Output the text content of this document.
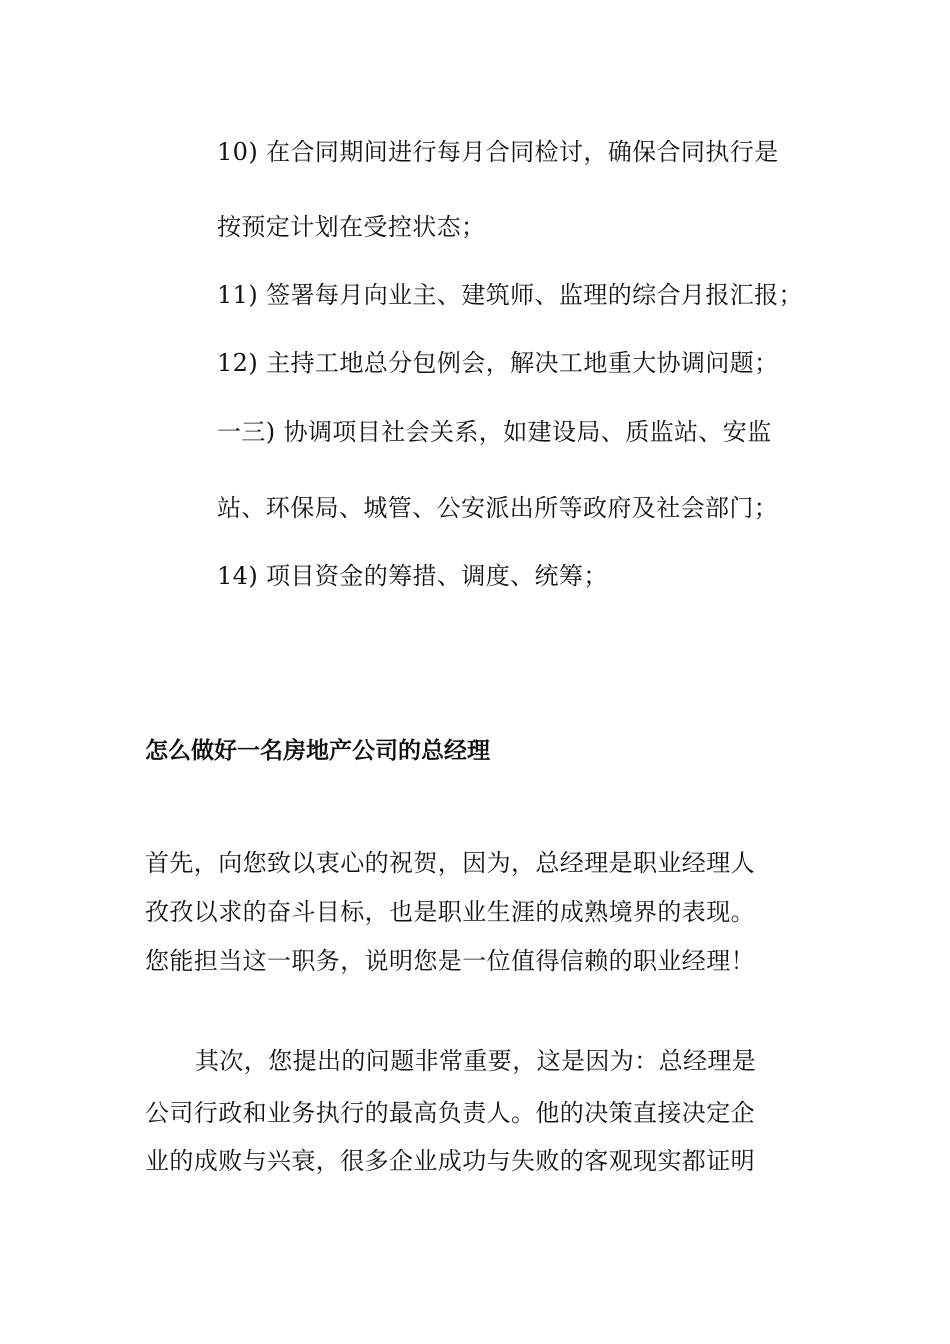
10) 在合同期间进行每月合同检讨，确保合同执行是
按预定计划在受控状态；
11) 签署每月向业主、建筑师、监理的综合月报汇报；
12) 主持工地总分包例会，解决工地重大协调问题；
一三) 协调项目社会关系，如建设局、质监站、安监
站、环保局、城管、公安派出所等政府及社会部门；
14) 项目资金的筹措、调度、统筹；
怎么做好一名房地产公司的总经理
首先，向您致以衷心的祝贺，因为，总经理是职业经理人
孜孜以求的奋斗目标，也是职业生涯的成熟境界的表现。
您能担当这一职务，说明您是一位值得信赖的职业经理！
其次，您提出的问题非常重要，这是因为：总经理是
公司行政和业务执行的最高负责人。他的决策直接决定企
业的成败与兴衰，很多企业成功与失败的客观现实都证明
